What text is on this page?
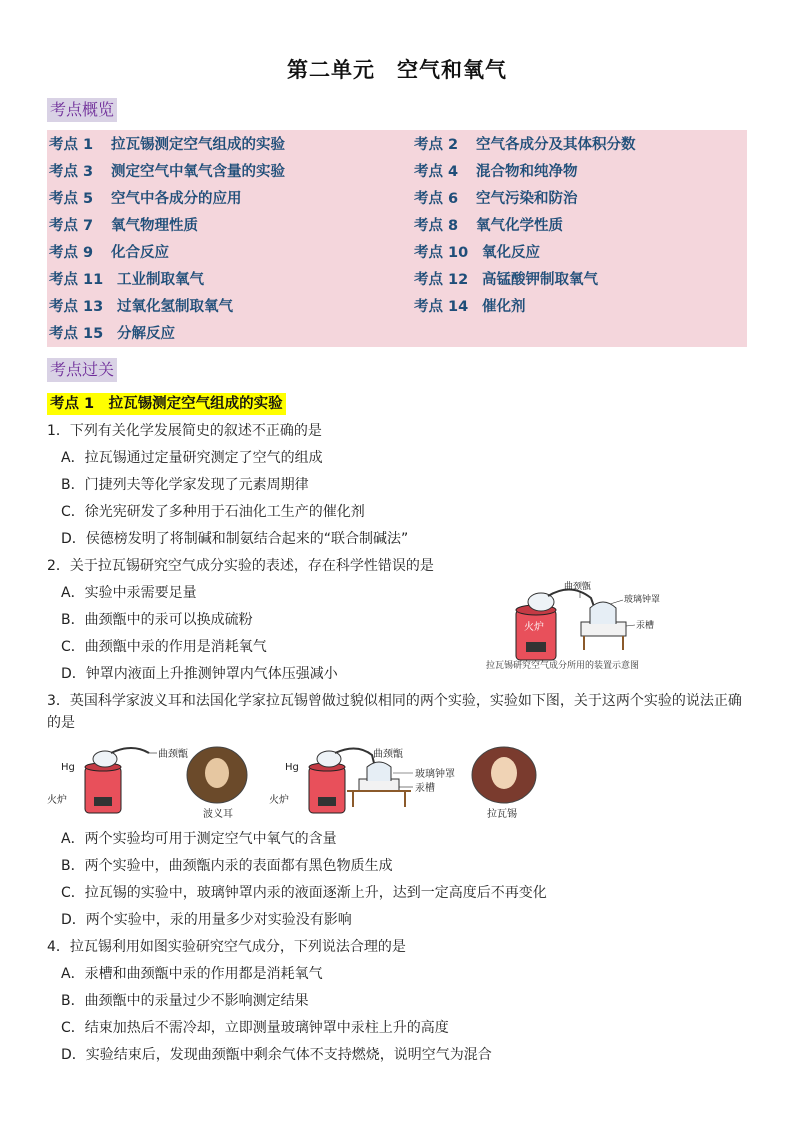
第二单元　空气和氧气
考点概览
考点 1 拉瓦锡测定空气组成的实验	考点 2 空气各成分及其体积分数
考点 3 测定空气中氧气含量的实验	考点 4 混合物和纯净物
考点 5 空气中各成分的应用	考点 6 空气污染和防治
考点 7 氧气物理性质	考点 8 氧气化学性质
考点 9 化合反应	考点 10 氧化反应
考点 11 工业制取氧气	考点 12 高锰酸钾制取氧气
考点 13 过氧化氢制取氧气	考点 14 催化剂
考点 15 分解反应
考点过关
考点 1　拉瓦锡测定空气组成的实验
1．下列有关化学发展简史的叙述不正确的是
A．拉瓦锡通过定量研究测定了空气的组成
B．门捷列夫等化学家发现了元素周期律
C．徐光宪研发了多种用于石油化工生产的催化剂
D．侯德榜发明了将制碱和制氨结合起来的“联合制碱法”
2．关于拉瓦锡研究空气成分实验的表述，存在科学性错误的是
A．实验中汞需要足量
B．曲颈甑中的汞可以换成硫粉
C．曲颈甑中汞的作用是消耗氧气
D．钟罩内液面上升推测钟罩内气体压强减小
火炉
曲颈甑
玻璃钟罩
汞槽
拉瓦锡研究空气成分所用的装置示意图
3．英国科学家波义耳和法国化学家拉瓦锡曾做过貌似相同的两个实验，实验如下图，关于这两个实验的说法正确的是
Hg
火炉
曲颈甑
波义耳
Hg
火炉
曲颈甑
玻璃钟罩
汞槽
拉瓦锡
A．两个实验均可用于测定空气中氧气的含量
B．两个实验中，曲颈甑内汞的表面都有黑色物质生成
C．拉瓦锡的实验中，玻璃钟罩内汞的液面逐渐上升，达到一定高度后不再变化
D．两个实验中，汞的用量多少对实验没有影响
4．拉瓦锡利用如图实验研究空气成分，下列说法合理的是
A．汞槽和曲颈甑中汞的作用都是消耗氧气
B．曲颈甑中的汞量过少不影响测定结果
C．结束加热后不需冷却，立即测量玻璃钟罩中汞柱上升的高度
D．实验结束后，发现曲颈甑中剩余气体不支持燃烧，说明空气为混合
